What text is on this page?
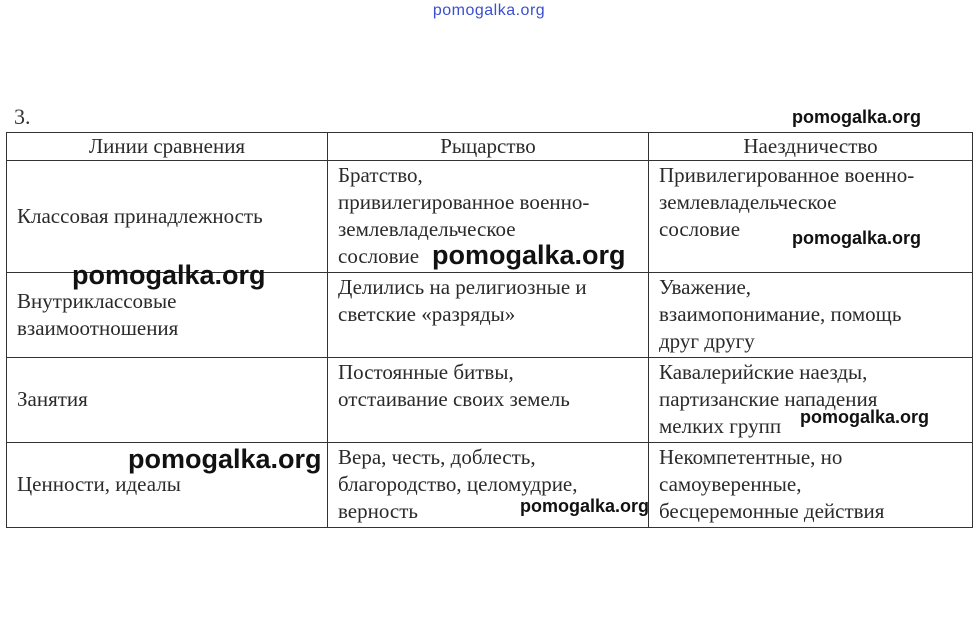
pomogalka.org
3.
Линии сравнения	Рыцарство	Наездничество

Классовая принадлежность	Братство,
привилегированное военно-
землевладельческое
сословие	Привилегированное военно-
землевладельческое
сословие

Внутриклассовые
взаимоотношения	Делились на религиозные и
светские «разряды»	Уважение,
взаимопонимание, помощь
друг другу

Занятия	Постоянные битвы,
отстаивание своих земель	Кавалерийские наезды,
партизанские нападения
мелких групп

Ценности, идеалы	Вера, честь, доблесть,
благородство, целомудрие,
верность	Некомпетентные, но
самоуверенные,
бесцеремонные действия
pomogalka.org
pomogalka.org
pomogalka.org
pomogalka.org
pomogalka.org
pomogalka.org
pomogalka.org
